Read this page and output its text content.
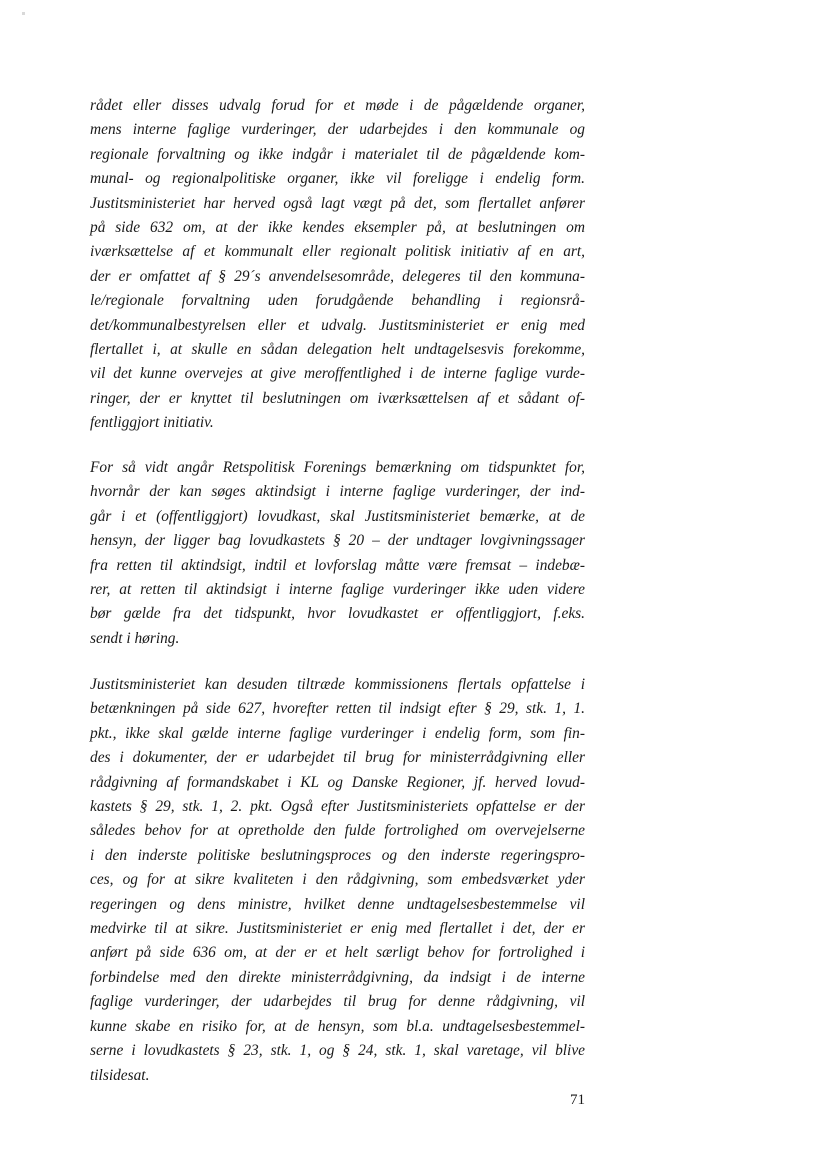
rådet eller disses udvalg forud for et møde i de pågældende organer,
mens interne faglige vurderinger, der udarbejdes i den kommunale og
regionale forvaltning og ikke indgår i materialet til de pågældende kom-
munal- og regionalpolitiske organer, ikke vil foreligge i endelig form.
Justitsministeriet har herved også lagt vægt på det, som flertallet anfører
på side 632 om, at der ikke kendes eksempler på, at beslutningen om
iværksættelse af et kommunalt eller regionalt politisk initiativ af en art,
der er omfattet af § 29´s anvendelsesområde, delegeres til den kommuna-
le/regionale forvaltning uden forudgående behandling i regionsrå-
det/kommunalbestyrelsen eller et udvalg. Justitsministeriet er enig med
flertallet i, at skulle en sådan delegation helt undtagelsesvis forekomme,
vil det kunne overvejes at give meroffentlighed i de interne faglige vurde-
ringer, der er knyttet til beslutningen om iværksættelsen af et sådant of-
fentliggjort initiativ.
For så vidt angår Retspolitisk Forenings bemærkning om tidspunktet for,
hvornår der kan søges aktindsigt i interne faglige vurderinger, der ind-
går i et (offentliggjort) lovudkast, skal Justitsministeriet bemærke, at de
hensyn, der ligger bag lovudkastets § 20 – der undtager lovgivningssager
fra retten til aktindsigt, indtil et lovforslag måtte være fremsat – indebæ-
rer, at retten til aktindsigt i interne faglige vurderinger ikke uden videre
bør gælde fra det tidspunkt, hvor lovudkastet er offentliggjort, f.eks.
sendt i høring.
Justitsministeriet kan desuden tiltræde kommissionens flertals opfattelse i
betænkningen på side 627, hvorefter retten til indsigt efter § 29, stk. 1, 1.
pkt., ikke skal gælde interne faglige vurderinger i endelig form, som fin-
des i dokumenter, der er udarbejdet til brug for ministerrådgivning eller
rådgivning af formandskabet i KL og Danske Regioner, jf. herved lovud-
kastets § 29, stk. 1, 2. pkt. Også efter Justitsministeriets opfattelse er der
således behov for at opretholde den fulde fortrolighed om overvejelserne
i den inderste politiske beslutningsproces og den inderste regeringspro-
ces, og for at sikre kvaliteten i den rådgivning, som embedsværket yder
regeringen og dens ministre, hvilket denne undtagelsesbestemmelse vil
medvirke til at sikre. Justitsministeriet er enig med flertallet i det, der er
anført på side 636 om, at der er et helt særligt behov for fortrolighed i
forbindelse med den direkte ministerrådgivning, da indsigt i de interne
faglige vurderinger, der udarbejdes til brug for denne rådgivning, vil
kunne skabe en risiko for, at de hensyn, som bl.a. undtagelsesbestemmel-
serne i lovudkastets § 23, stk. 1, og § 24, stk. 1, skal varetage, vil blive
tilsidesat.
71
